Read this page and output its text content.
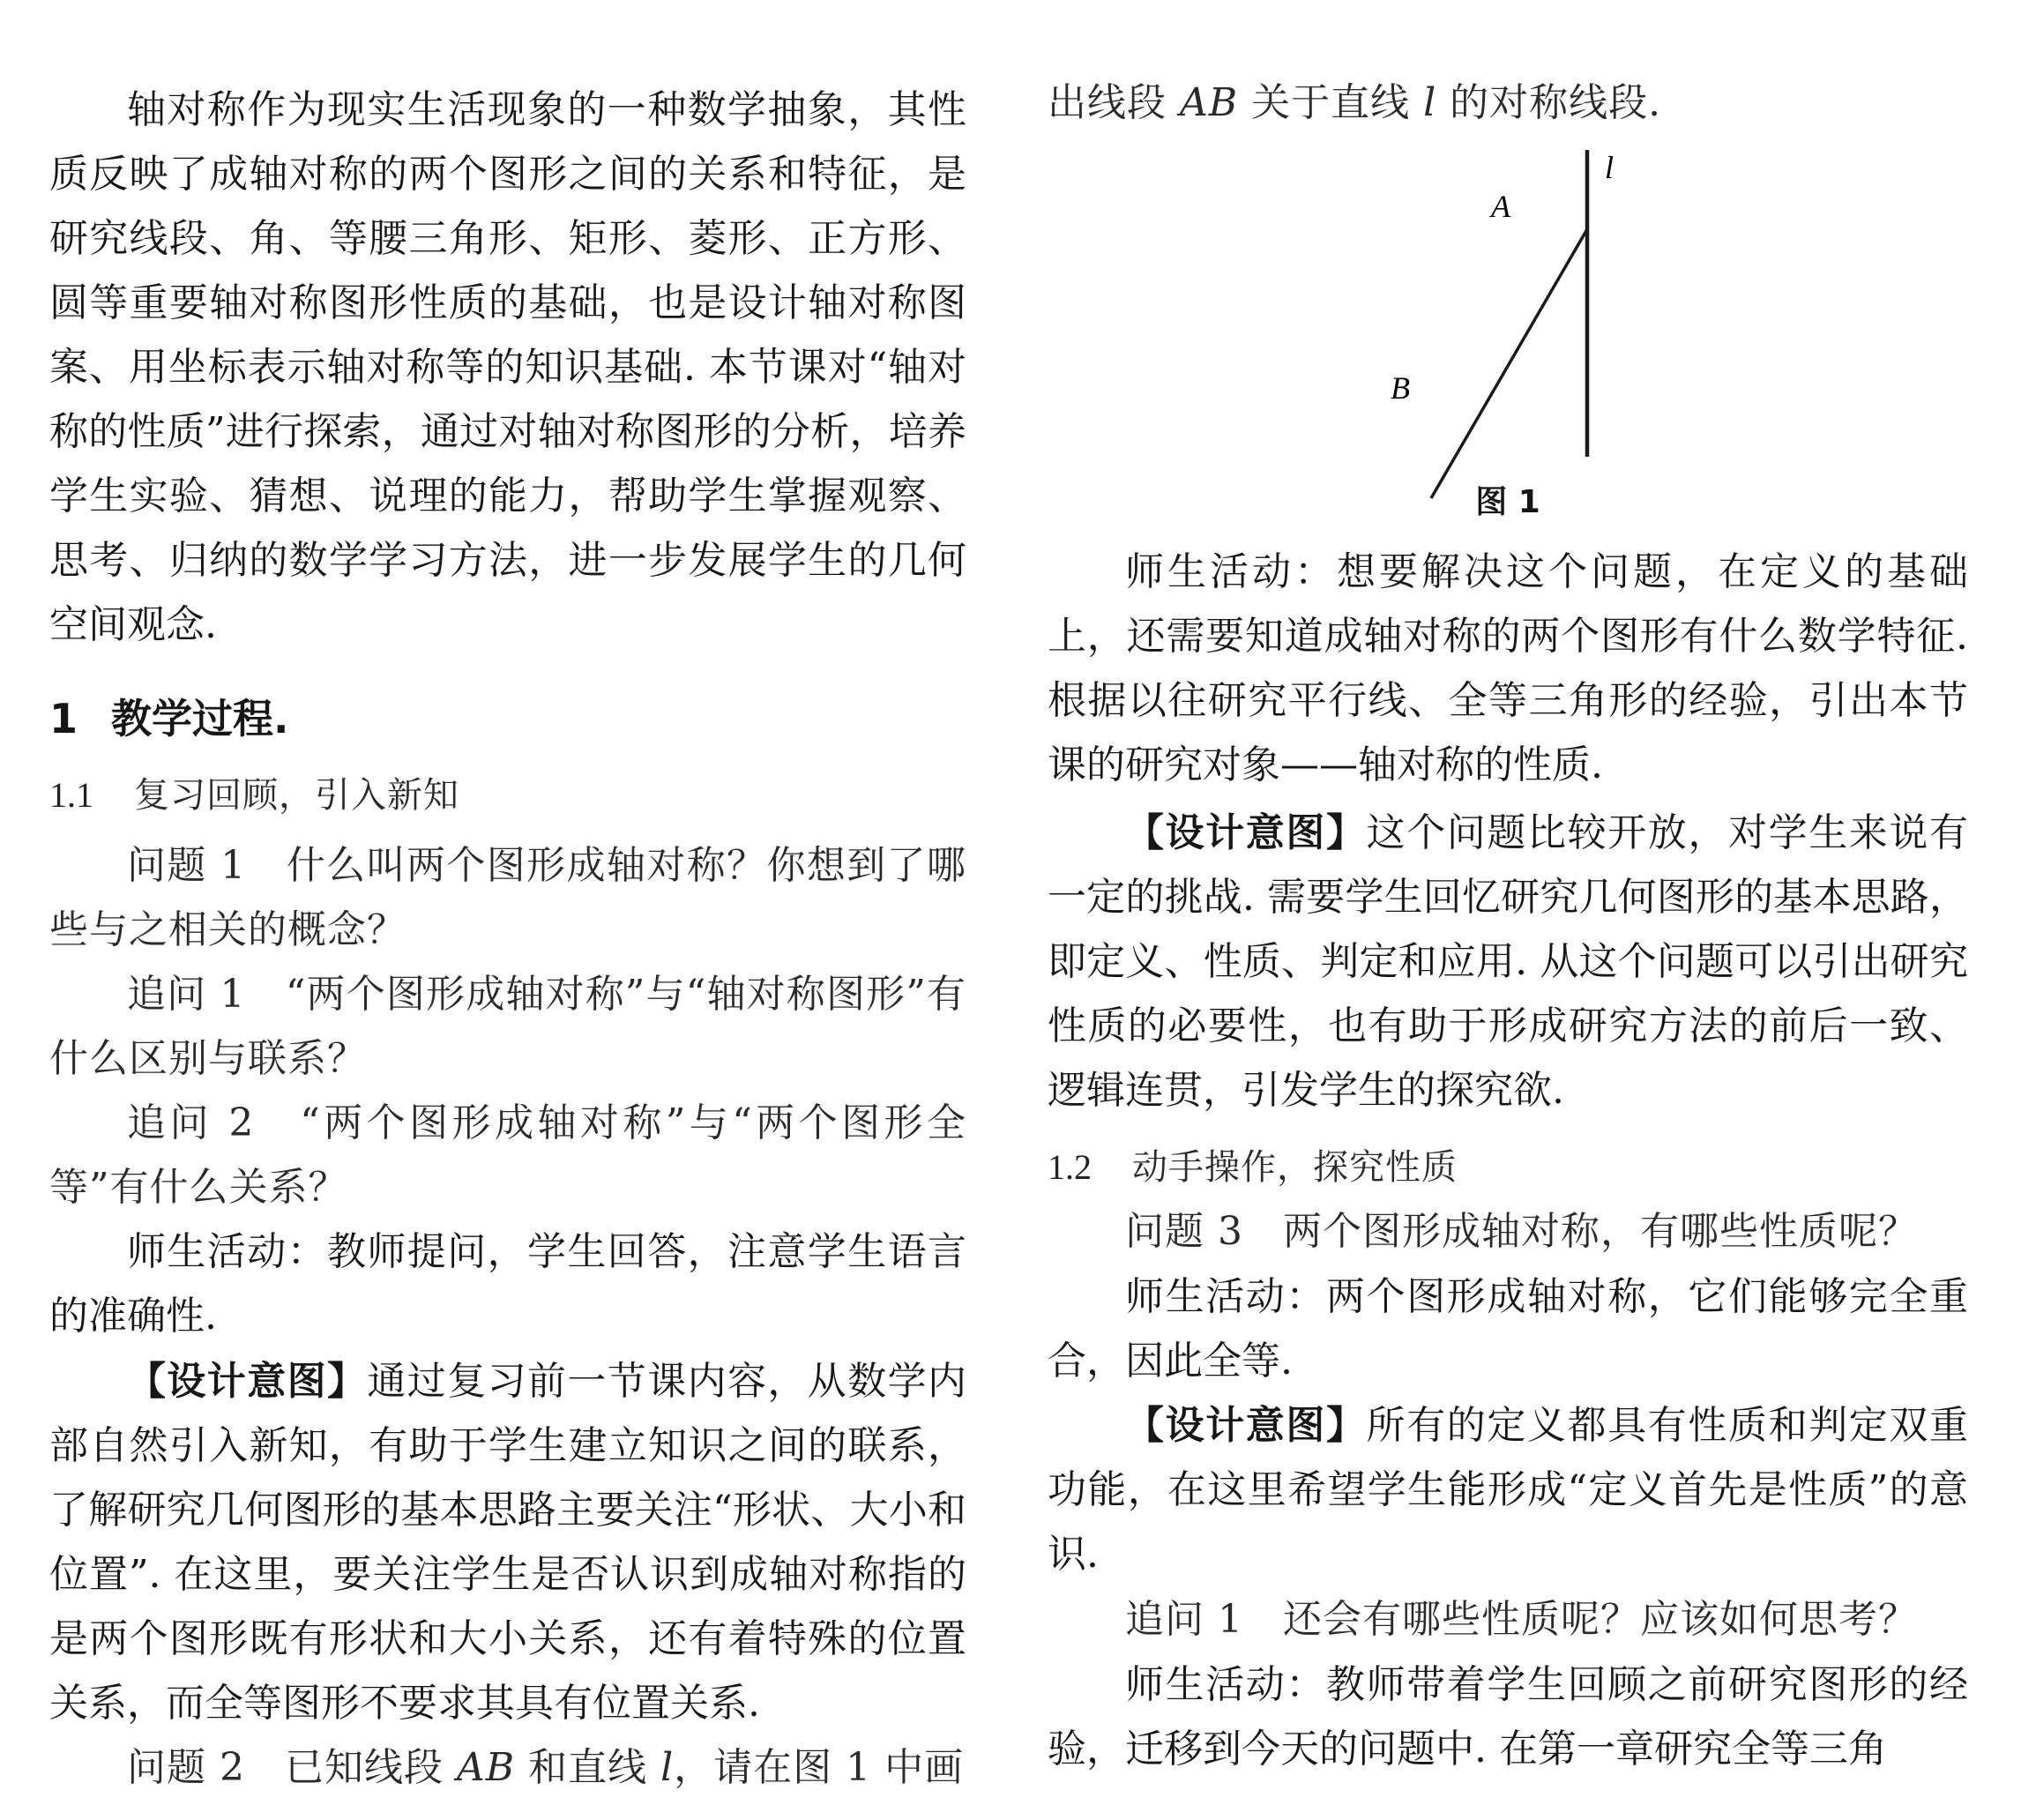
轴对称作为现实生活现象的一种数学抽象，其性质反映了成轴对称的两个图形之间的关系和特征，是研究线段、角、等腰三角形、矩形、菱形、正方形、圆等重要轴对称图形性质的基础，也是设计轴对称图案、用坐标表示轴对称等的知识基础. 本节课对“轴对称的性质”进行探索，通过对轴对称图形的分析，培养学生实验、猜想、说理的能力，帮助学生掌握观察、思考、归纳的数学学习方法，进一步发展学生的几何空间观念.

1 教学过程.
1.1 复习回顾，引入新知

问题 1　什么叫两个图形成轴对称？你想到了哪些与之相关的概念？

追问 1　“两个图形成轴对称”与“轴对称图形”有什么区别与联系？

追问 2　“两个图形成轴对称”与“两个图形全等”有什么关系？

师生活动：教师提问，学生回答，注意学生语言的准确性.

【设计意图】通过复习前一节课内容，从数学内部自然引入新知，有助于学生建立知识之间的联系，了解研究几何图形的基本思路主要关注“形状、大小和位置”. 在这里，要关注学生是否认识到成轴对称指的是两个图形既有形状和大小关系，还有着特殊的位置关系，而全等图形不要求其具有位置关系.

问题 2　已知线段 AB 和直线 l，请在图 1 中画

出线段 AB 关于直线 l 的对称线段.

A
B
l
图 1

师生活动：想要解决这个问题，在定义的基础上，还需要知道成轴对称的两个图形有什么数学特征. 根据以往研究平行线、全等三角形的经验，引出本节课的研究对象——轴对称的性质.

【设计意图】这个问题比较开放，对学生来说有一定的挑战. 需要学生回忆研究几何图形的基本思路，即定义、性质、判定和应用. 从这个问题可以引出研究性质的必要性，也有助于形成研究方法的前后一致、逻辑连贯，引发学生的探究欲.

1.2 动手操作，探究性质

问题 3　两个图形成轴对称，有哪些性质呢？

师生活动：两个图形成轴对称，它们能够完全重合，因此全等.

【设计意图】所有的定义都具有性质和判定双重功能，在这里希望学生能形成“定义首先是性质”的意识.

追问 1　还会有哪些性质呢？应该如何思考？

师生活动：教师带着学生回顾之前研究图形的经验，迁移到今天的问题中. 在第一章研究全等三角
